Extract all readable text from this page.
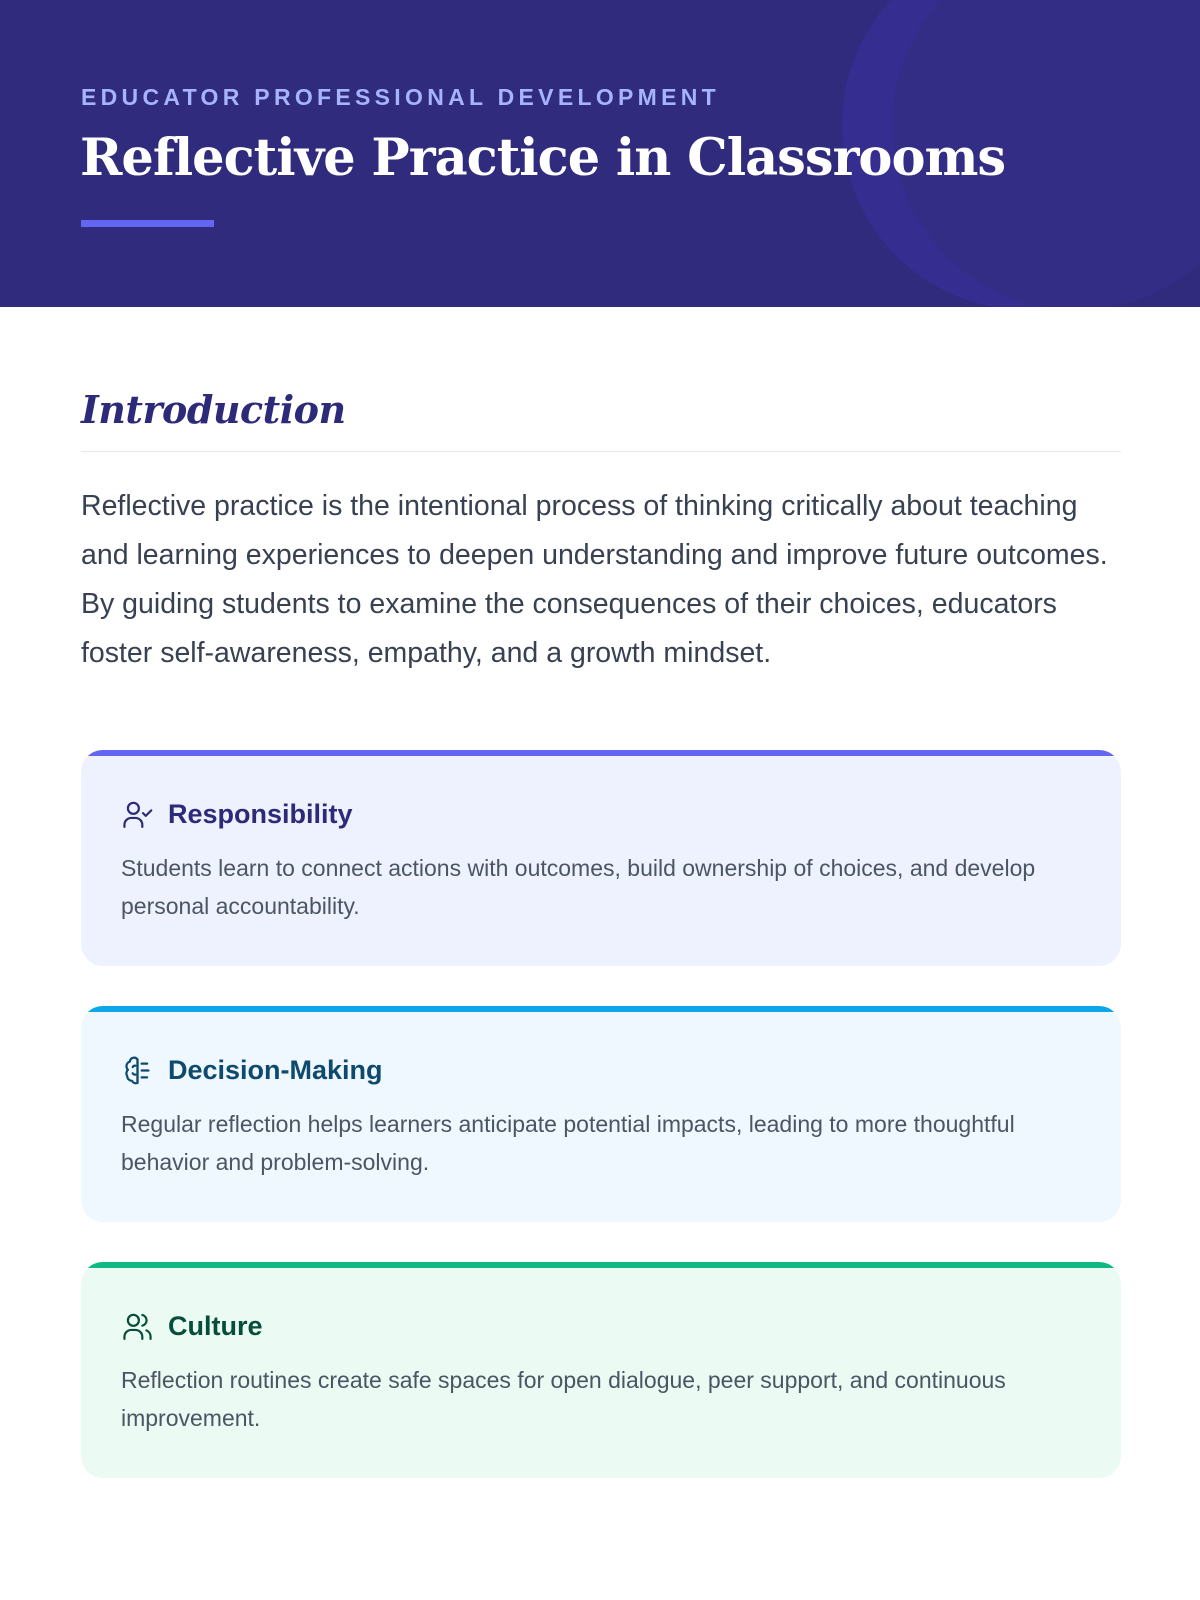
EDUCATOR PROFESSIONAL DEVELOPMENT
Reflective Practice in Classrooms
Introduction

Reflective practice is the intentional process of thinking critically about teaching and learning experiences to deepen understanding and improve future outcomes. By guiding students to examine the consequences of their choices, educators foster self-awareness, empathy, and a growth mindset.

Responsibility
Students learn to connect actions with outcomes, build ownership of choices, and develop personal accountability.
Decision-Making
Regular reflection helps learners anticipate potential impacts, leading to more thoughtful behavior and problem-solving.
Culture
Reflection routines create safe spaces for open dialogue, peer support, and continuous improvement.
